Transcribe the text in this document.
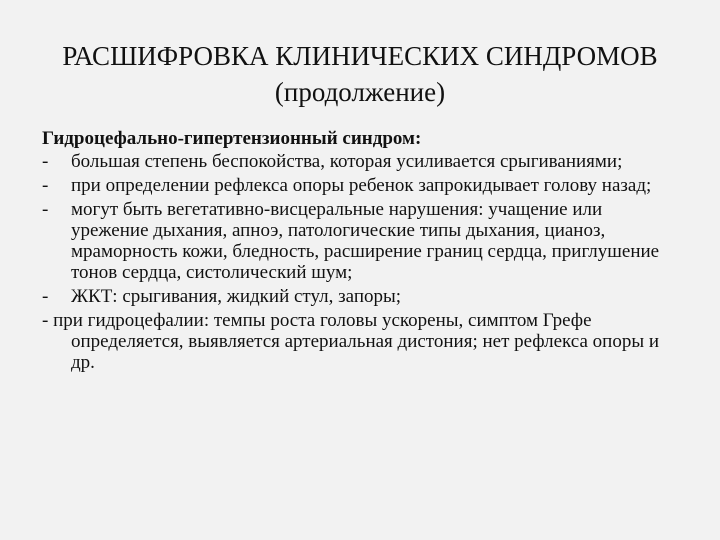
РАСШИФРОВКА КЛИНИЧЕСКИХ СИНДРОМОВ
(продолжение)
Гидроцефально-гипертензионный синдром:
- большая степень беспокойства, которая усиливается срыгиваниями;
- при определении рефлекса опоры ребенок запрокидывает голову назад;
- могут быть вегетативно-висцеральные нарушения: учащение или урежение дыхания, апноэ, патологические типы дыхания, цианоз, мраморность кожи, бледность, расширение границ сердца, приглушение тонов сердца, систолический шум;
- ЖКТ: срыгивания, жидкий стул, запоры;
- при гидроцефалии: темпы роста головы ускорены, симптом Грефе определяется, выявляется артериальная дистония; нет рефлекса опоры и др.
